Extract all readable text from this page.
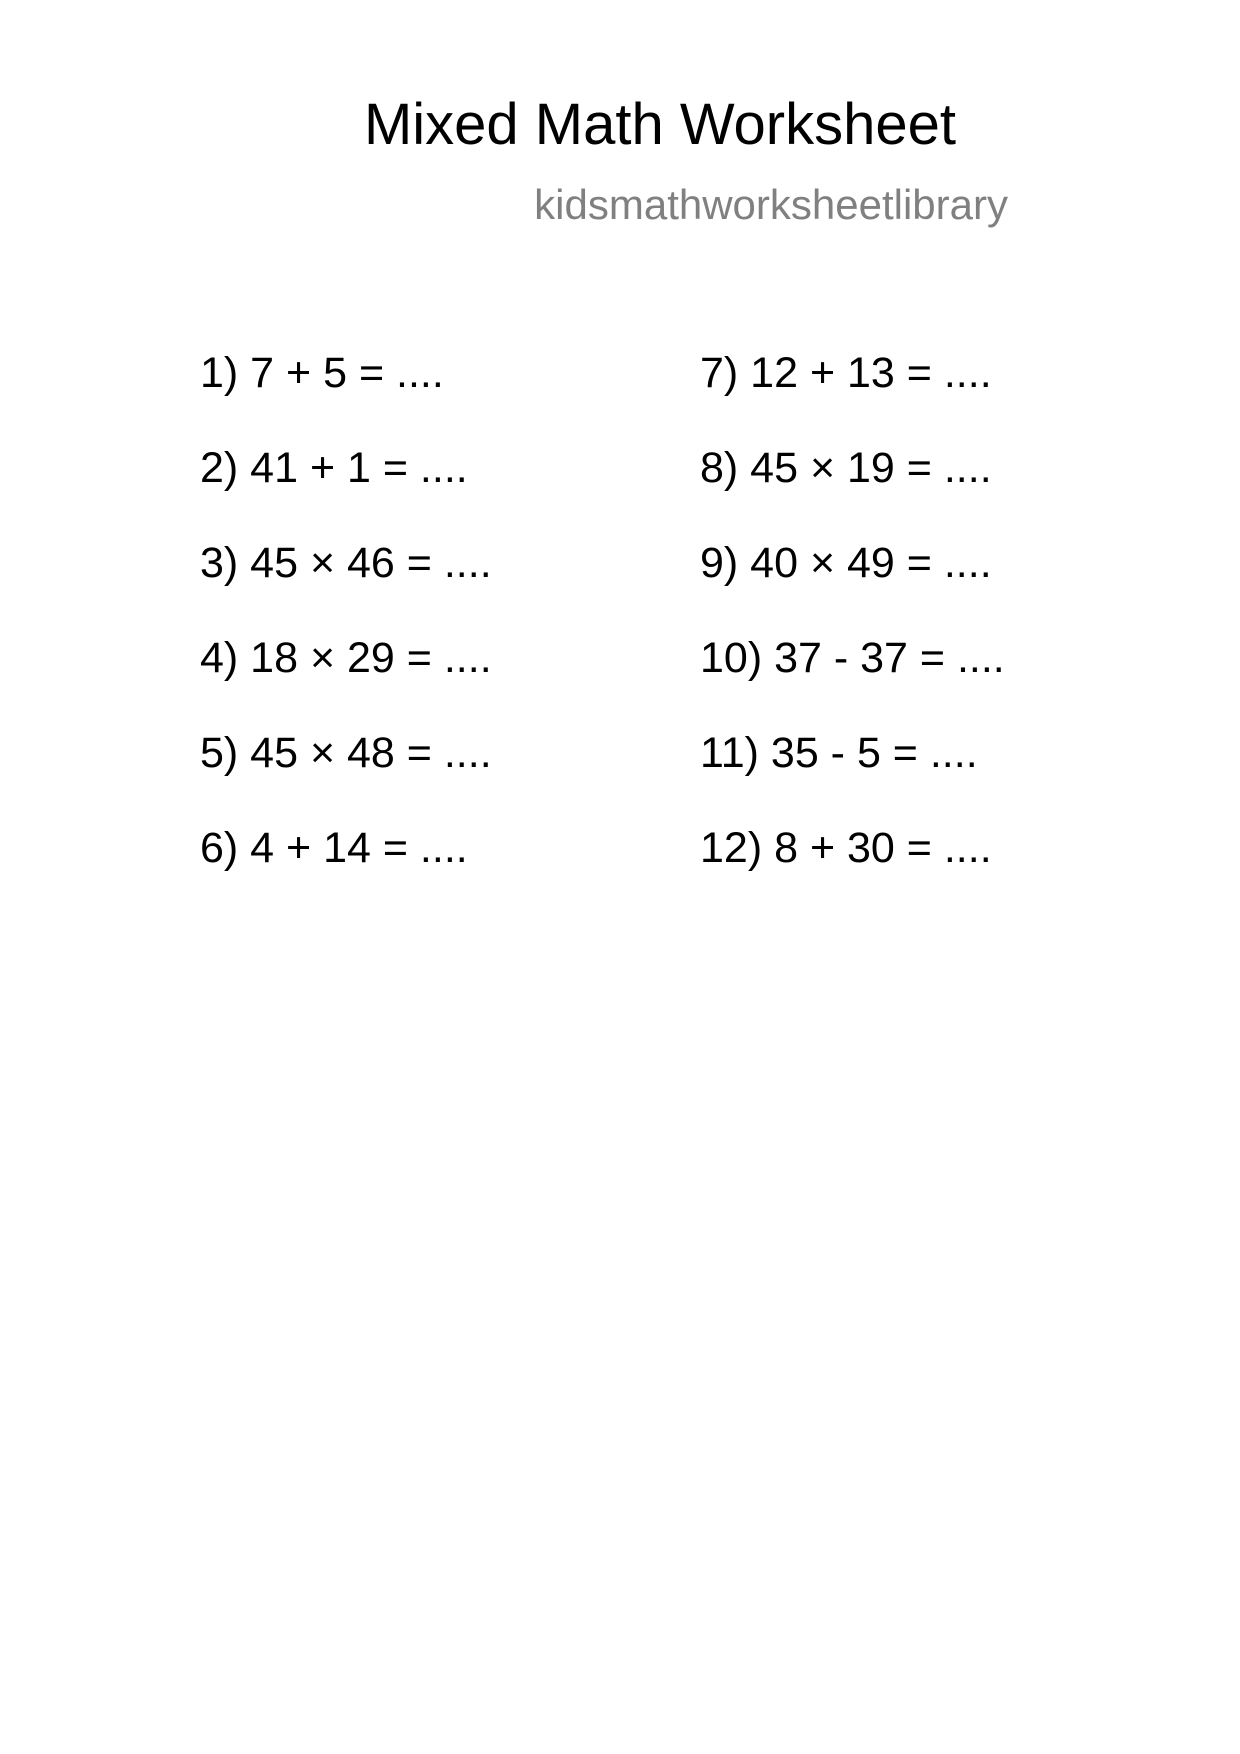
Mixed Math Worksheet
kidsmathworksheetlibrary
1) 7 + 5 = ....
2) 41 + 1 = ....
3) 45 × 46 = ....
4) 18 × 29 = ....
5) 45 × 48 = ....
6) 4 + 14 = ....
7) 12 + 13 = ....
8) 45 × 19 = ....
9) 40 × 49 = ....
10) 37 - 37 = ....
11) 35 - 5 = ....
12) 8 + 30 = ....
